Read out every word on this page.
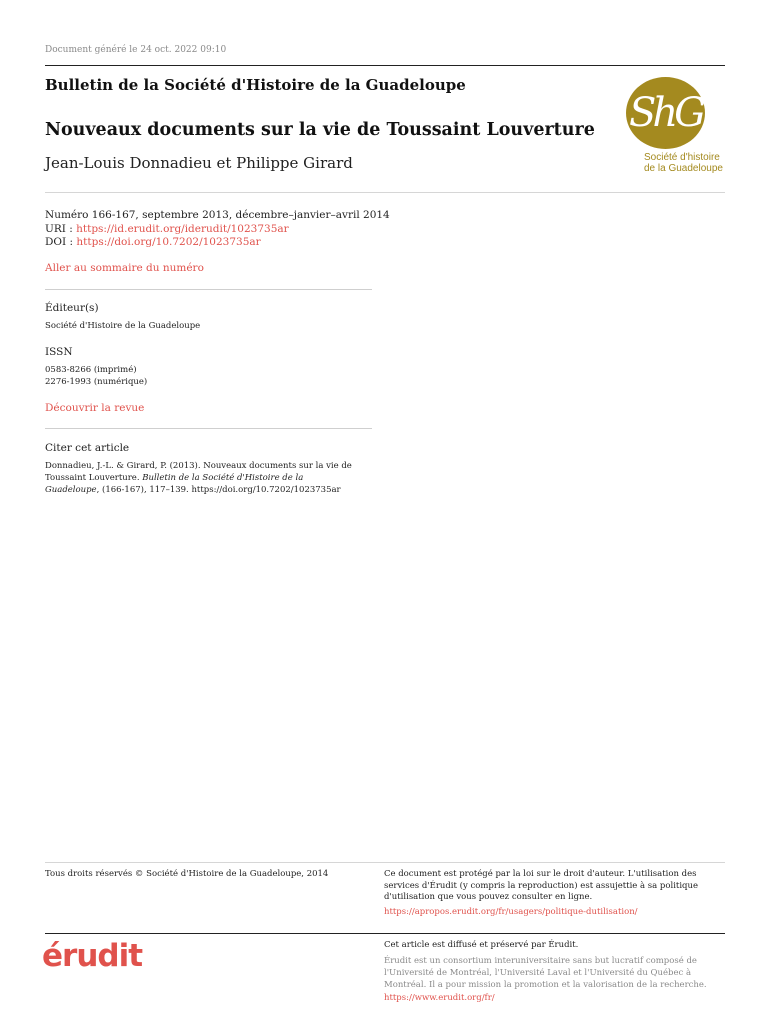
Document généré le 24 oct. 2022 09:10
Bulletin de la Société d'Histoire de la Guadeloupe
Nouveaux documents sur la vie de Toussaint Louverture
Jean-Louis Donnadieu et Philippe Girard
ShG
Société d'histoire
de la Guadeloupe
Numéro 166-167, septembre 2013, décembre–janvier–avril 2014
URI : https://id.erudit.org/iderudit/1023735ar
DOI : https://doi.org/10.7202/1023735ar
Aller au sommaire du numéro
Éditeur(s)
Société d'Histoire de la Guadeloupe
ISSN
0583-8266 (imprimé)
2276-1993 (numérique)
Découvrir la revue
Citer cet article
Donnadieu, J.-L. & Girard, P. (2013). Nouveaux documents sur la vie de Toussaint Louverture. Bulletin de la Société d'Histoire de la Guadeloupe, (166-167), 117–139. https://doi.org/10.7202/1023735ar
Tous droits réservés © Société d'Histoire de la Guadeloupe, 2014	Ce document est protégé par la loi sur le droit d'auteur. L'utilisation des services d'Érudit (y compris la reproduction) est assujettie à sa politique d'utilisation que vous pouvez consulter en ligne.
https://apropos.erudit.org/fr/usagers/politique-dutilisation/
érudit	Cet article est diffusé et préservé par Érudit.
Érudit est un consortium interuniversitaire sans but lucratif composé de l'Université de Montréal, l'Université Laval et l'Université du Québec à Montréal. Il a pour mission la promotion et la valorisation de la recherche.
https://www.erudit.org/fr/
